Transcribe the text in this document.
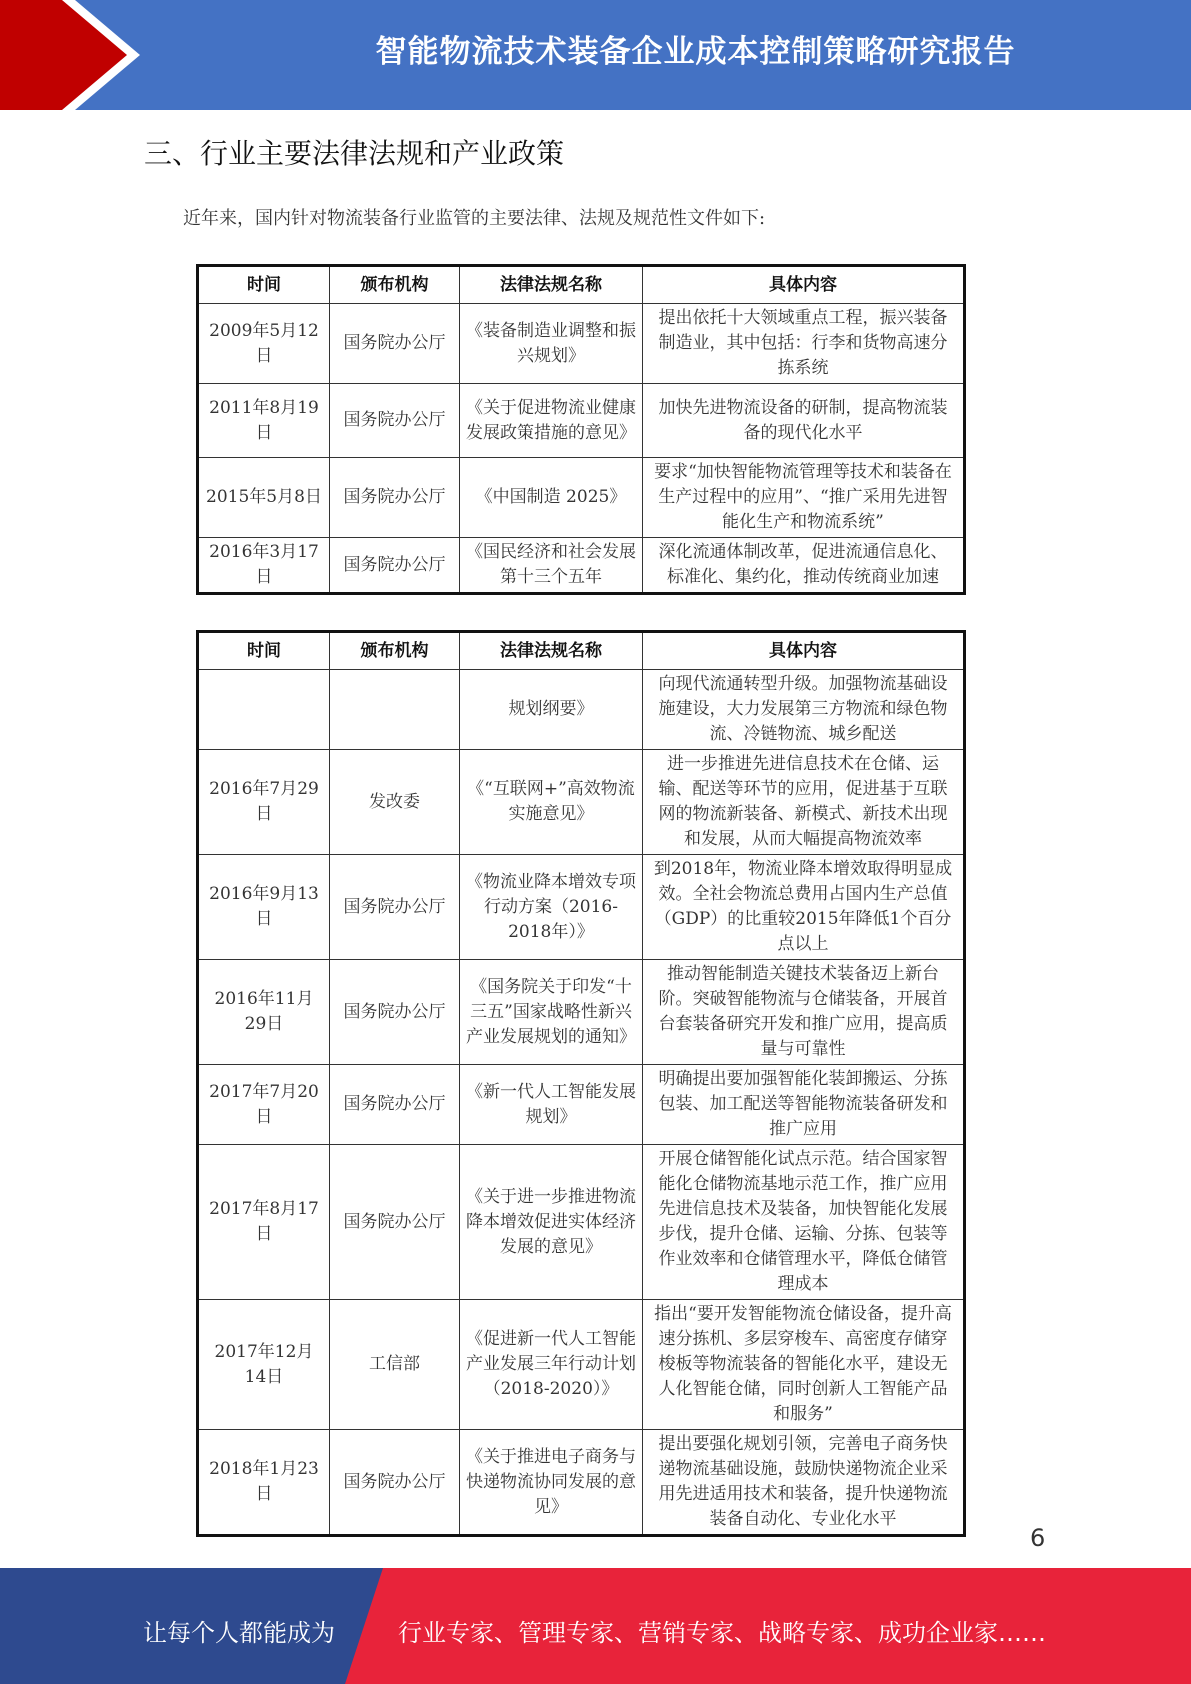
智能物流技术装备企业成本控制策略研究报告
三、行业主要法律法规和产业政策
近年来，国内针对物流装备行业监管的主要法律、法规及规范性文件如下:
时间	颁布机构	法律法规名称	具体内容
2009年5月12日	国务院办公厅	《装备制造业调整和振兴规划》	提出依托十大领域重点工程，振兴装备制造业，其中包括：行李和货物高速分拣系统
2011年8月19日	国务院办公厅	《关于促进物流业健康发展政策措施的意见》	加快先进物流设备的研制，提高物流装备的现代化水平
2015年5月8日	国务院办公厅	《中国制造 2025》	要求“加快智能物流管理等技术和装备在生产过程中的应用”、“推广采用先进智能化生产和物流系统”
2016年3月17日	国务院办公厅	《国民经济和社会发展第十三个五年	深化流通体制改革，促进流通信息化、标准化、集约化，推动传统商业加速
时间	颁布机构	法律法规名称	具体内容
		规划纲要》	向现代流通转型升级。加强物流基础设施建设，大力发展第三方物流和绿色物流、冷链物流、城乡配送
2016年7月29日	发改委	《“互联网+”高效物流实施意见》	进一步推进先进信息技术在仓储、运输、配送等环节的应用，促进基于互联网的物流新装备、新模式、新技术出现和发展，从而大幅提高物流效率
2016年9月13日	国务院办公厅	《物流业降本增效专项行动方案（2016-2018年）》	到2018年，物流业降本增效取得明显成效。全社会物流总费用占国内生产总值（GDP）的比重较2015年降低1个百分点以上
2016年11月29日	国务院办公厅	《国务院关于印发“十三五”国家战略性新兴产业发展规划的通知》	推动智能制造关键技术装备迈上新台阶。突破智能物流与仓储装备，开展首台套装备研究开发和推广应用，提高质量与可靠性
2017年7月20日	国务院办公厅	《新一代人工智能发展规划》	明确提出要加强智能化装卸搬运、分拣包装、加工配送等智能物流装备研发和推广应用
2017年8月17日	国务院办公厅	《关于进一步推进物流降本增效促进实体经济发展的意见》	开展仓储智能化试点示范。结合国家智能化仓储物流基地示范工作，推广应用先进信息技术及装备，加快智能化发展步伐，提升仓储、运输、分拣、包装等作业效率和仓储管理水平，降低仓储管理成本
2017年12月14日	工信部	《促进新一代人工智能产业发展三年行动计划（2018-2020）》	指出“要开发智能物流仓储设备，提升高速分拣机、多层穿梭车、高密度存储穿梭板等物流装备的智能化水平，建设无人化智能仓储，同时创新人工智能产品和服务”
2018年1月23日	国务院办公厅	《关于推进电子商务与快递物流协同发展的意见》	提出要强化规划引领，完善电子商务快递物流基础设施，鼓励快递物流企业采用先进适用技术和装备，提升快递物流装备自动化、专业化水平
6
让每个人都能成为	行业专家、管理专家、营销专家、战略专家、成功企业家……
